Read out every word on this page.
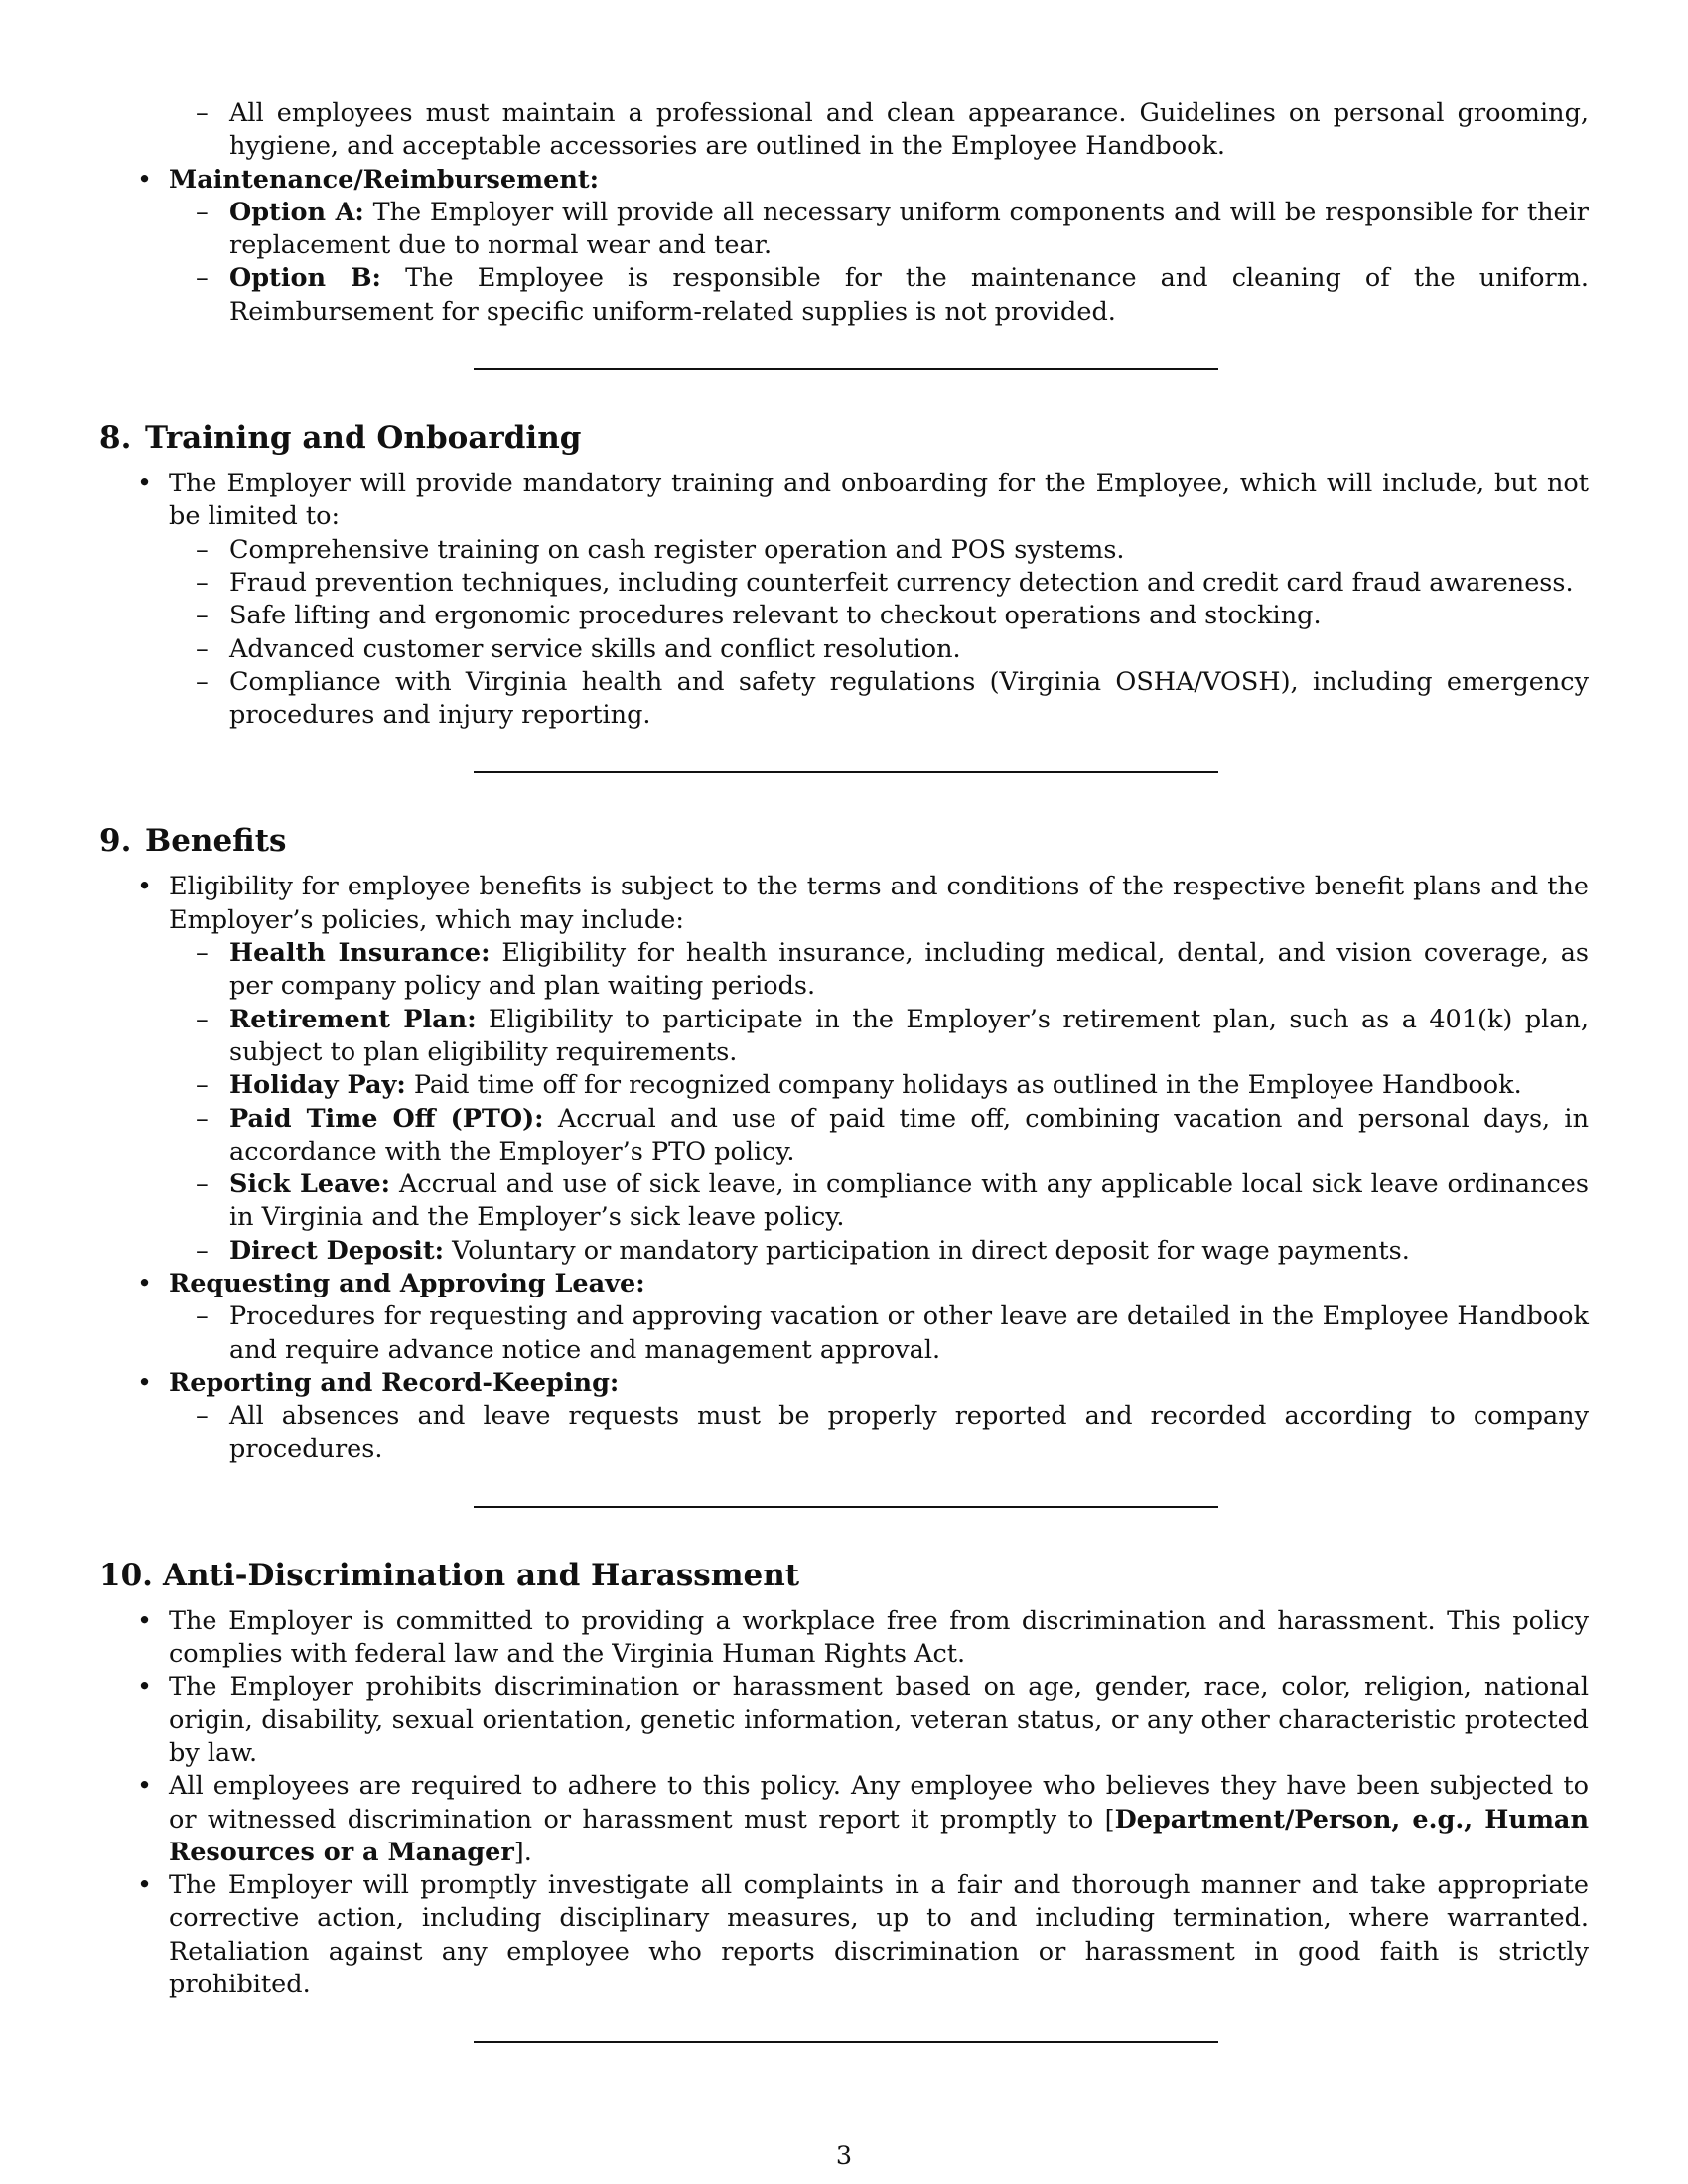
– All employees must maintain a professional and clean appearance. Guidelines on personal grooming, hygiene, and acceptable accessories are outlined in the Employee Handbook.
• Maintenance/Reimbursement:
– Option A: The Employer will provide all necessary uniform components and will be responsible for their replacement due to normal wear and tear.
– Option B: The Employee is responsible for the maintenance and cleaning of the uniform. Reimbursement for specific uniform-related supplies is not provided.
8. Training and Onboarding
• The Employer will provide mandatory training and onboarding for the Employee, which will include, but not be limited to:
– Comprehensive training on cash register operation and POS systems.
– Fraud prevention techniques, including counterfeit currency detection and credit card fraud awareness.
– Safe lifting and ergonomic procedures relevant to checkout operations and stocking.
– Advanced customer service skills and conflict resolution.
– Compliance with Virginia health and safety regulations (Virginia OSHA/VOSH), including emergency procedures and injury reporting.
9. Benefits
• Eligibility for employee benefits is subject to the terms and conditions of the respective benefit plans and the Employer’s policies, which may include:
– Health Insurance: Eligibility for health insurance, including medical, dental, and vision coverage, as per company policy and plan waiting periods.
– Retirement Plan: Eligibility to participate in the Employer’s retirement plan, such as a 401(k) plan, subject to plan eligibility requirements.
– Holiday Pay: Paid time off for recognized company holidays as outlined in the Employee Handbook.
– Paid Time Off (PTO): Accrual and use of paid time off, combining vacation and personal days, in accordance with the Employer’s PTO policy.
– Sick Leave: Accrual and use of sick leave, in compliance with any applicable local sick leave ordinances in Virginia and the Employer’s sick leave policy.
– Direct Deposit: Voluntary or mandatory participation in direct deposit for wage payments.
• Requesting and Approving Leave:
– Procedures for requesting and approving vacation or other leave are detailed in the Employee Handbook and require advance notice and management approval.
• Reporting and Record-Keeping:
– All absences and leave requests must be properly reported and recorded according to company procedures.
10. Anti-Discrimination and Harassment
• The Employer is committed to providing a workplace free from discrimination and harassment. This policy complies with federal law and the Virginia Human Rights Act.
• The Employer prohibits discrimination or harassment based on age, gender, race, color, religion, national origin, disability, sexual orientation, genetic information, veteran status, or any other characteristic protected by law.
• All employees are required to adhere to this policy. Any employee who believes they have been subjected to or witnessed discrimination or harassment must report it promptly to [Department/Person, e.g., Human Resources or a Manager].
• The Employer will promptly investigate all complaints in a fair and thorough manner and take appropriate corrective action, including disciplinary measures, up to and including termination, where warranted. Retaliation against any employee who reports discrimination or harassment in good faith is strictly prohibited.
3
